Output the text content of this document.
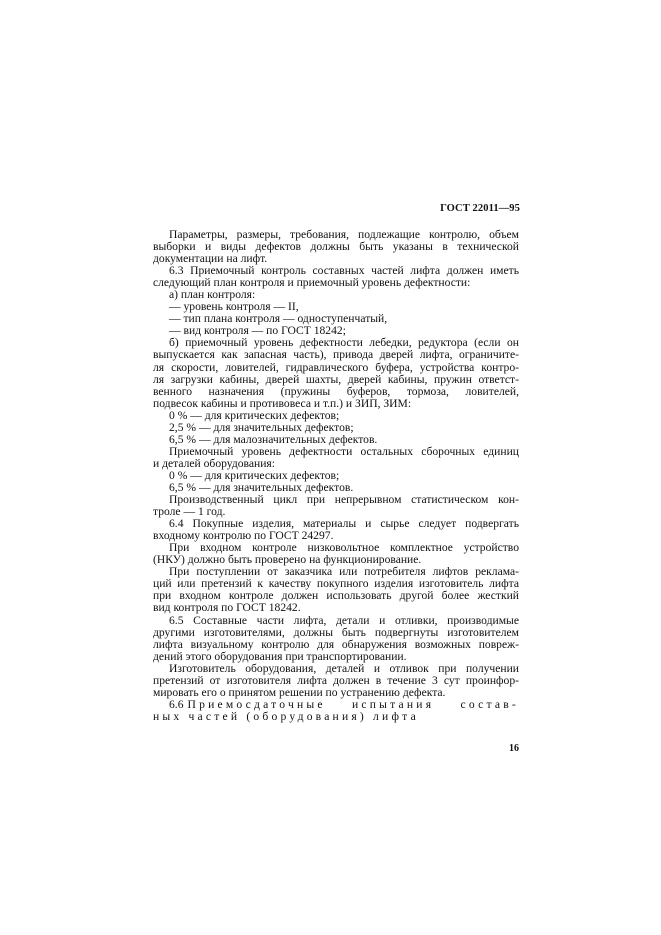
ГОСТ 22011—95
Параметры, размеры, требования, подлежащие контролю, объем
выборки и виды дефектов должны быть указаны в технической
документации на лифт.
6.3 Приемочный контроль составных частей лифта должен иметь
следующий план контроля и приемочный уровень дефектности:
а) план контроля:
— уровень контроля — II,
— тип плана контроля — одноступенчатый,
— вид контроля — по ГОСТ 18242;
б) приемочный уровень дефектности лебедки, редуктора (если он
выпускается как запасная часть), привода дверей лифта, ограничите-
ля скорости, ловителей, гидравлического буфера, устройства контро-
ля загрузки кабины, дверей шахты, дверей кабины, пружин ответст-
венного назначения (пружины буферов, тормоза, ловителей,
подвесок кабины и противовеса и т.п.) и ЗИП, ЗИМ:
0 % — для критических дефектов;
2,5 % — для значительных дефектов;
6,5 % — для малозначительных дефектов.
Приемочный уровень дефектности остальных сборочных единиц
и деталей оборудования:
0 % — для критических дефектов;
6,5 % — для значительных дефектов.
Производственный цикл при непрерывном статистическом кон-
троле — 1 год.
6.4 Покупные изделия, материалы и сырье следует подвергать
входному контролю по ГОСТ 24297.
При входном контроле низковольтное комплектное устройство
(НКУ) должно быть проверено на функционирование.
При поступлении от заказчика или потребителя лифтов реклама-
ций или претензий к качеству покупного изделия изготовитель лифта
при входном контроле должен использовать другой более жесткий
вид контроля по ГОСТ 18242.
6.5 Составные части лифта, детали и отливки, производимые
другими изготовителями, должны быть подвергнуты изготовителем
лифта визуальному контролю для обнаружения возможных повреж-
дений этого оборудования при транспортировании.
Изготовитель оборудования, деталей и отливок при получении
претензий от изготовителя лифта должен в течение 3 сут проинфор-
мировать его о принятом решении по устранению дефекта.
6.6 Приемосдаточные испытания состав-
ных частей (оборудования) лифта
16
